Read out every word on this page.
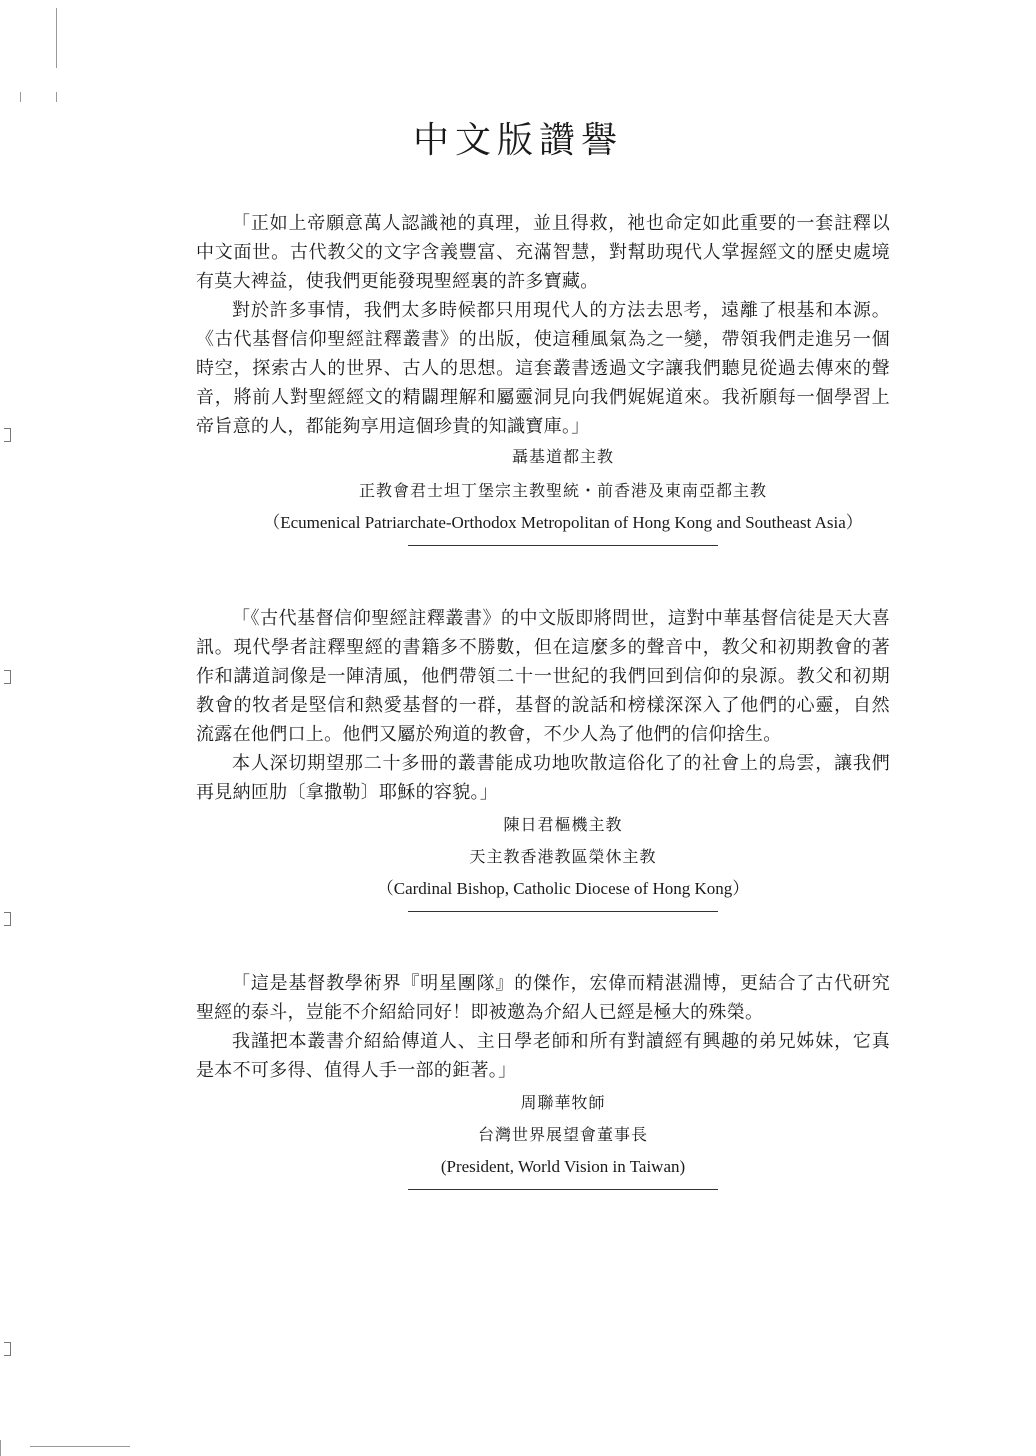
中文版讚譽

「正如上帝願意萬人認識祂的真理，並且得救，祂也命定如此重要的一套註釋以中文面世。古代教父的文字含義豐富、充滿智慧，對幫助現代人掌握經文的歷史處境有莫大裨益，使我們更能發現聖經裏的許多寶藏。

對於許多事情，我們太多時候都只用現代人的方法去思考，遠離了根基和本源。《古代基督信仰聖經註釋叢書》的出版，使這種風氣為之一變，帶領我們走進另一個時空，探索古人的世界、古人的思想。這套叢書透過文字讓我們聽見從過去傳來的聲音，將前人對聖經經文的精闢理解和屬靈洞見向我們娓娓道來。我祈願每一個學習上帝旨意的人，都能夠享用這個珍貴的知識寶庫。」

聶基道都主教
正教會君士坦丁堡宗主教聖統・前香港及東南亞都主教
（Ecumenical Patriarchate-Orthodox Metropolitan of Hong Kong and Southeast Asia）

「《古代基督信仰聖經註釋叢書》的中文版即將問世，這對中華基督信徒是天大喜訊。現代學者註釋聖經的書籍多不勝數，但在這麼多的聲音中，教父和初期教會的著作和講道詞像是一陣清風，他們帶領二十一世紀的我們回到信仰的泉源。教父和初期教會的牧者是堅信和熱愛基督的一群，基督的說話和榜樣深深入了他們的心靈，自然流露在他們口上。他們又屬於殉道的教會，不少人為了他們的信仰捨生。

本人深切期望那二十多冊的叢書能成功地吹散這俗化了的社會上的烏雲，讓我們再見納匝肋〔拿撒勒〕耶穌的容貌。」

陳日君樞機主教
天主教香港教區榮休主教
（Cardinal Bishop, Catholic Diocese of Hong Kong）

「這是基督教學術界『明星團隊』的傑作，宏偉而精湛淵博，更結合了古代研究聖經的泰斗，豈能不介紹給同好！即被邀為介紹人已經是極大的殊榮。

我謹把本叢書介紹給傳道人、主日學老師和所有對讀經有興趣的弟兄姊妹，它真是本不可多得、值得人手一部的鉅著。」

周聯華牧師
台灣世界展望會董事長
(President, World Vision in Taiwan)
